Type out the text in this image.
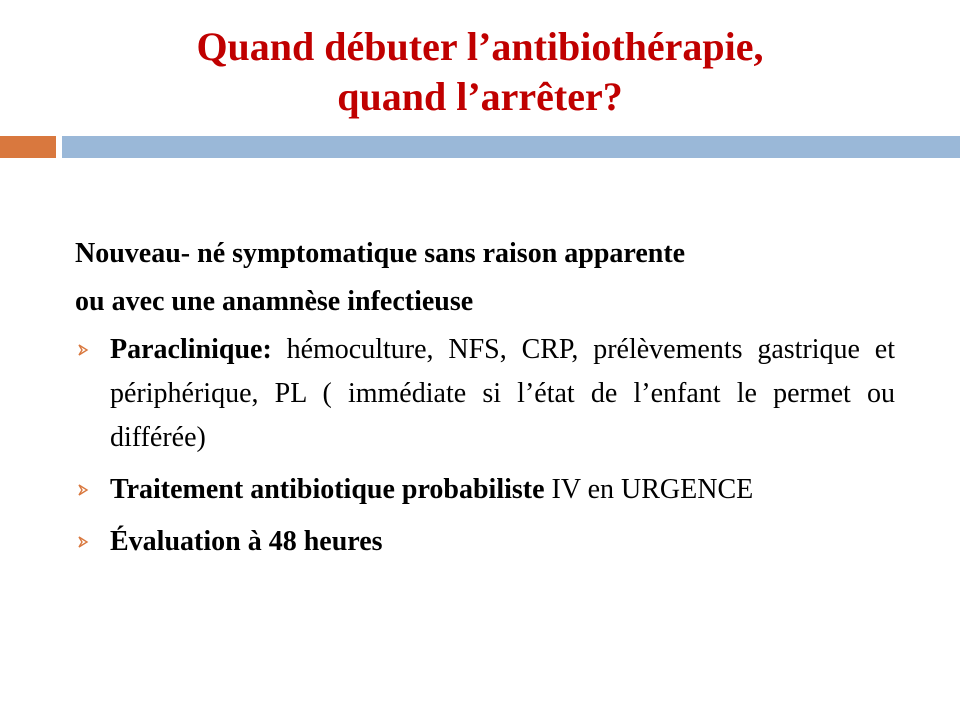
Quand débuter l’antibiothérapie,
quand l’arrêter?
Nouveau- né symptomatique sans raison apparente
ou avec une anamnèse infectieuse
Paraclinique: hémoculture, NFS, CRP, prélèvements gastrique et périphérique, PL ( immédiate si l’état de l’enfant le permet ou différée)
Traitement antibiotique probabiliste IV en URGENCE
Évaluation à 48 heures
